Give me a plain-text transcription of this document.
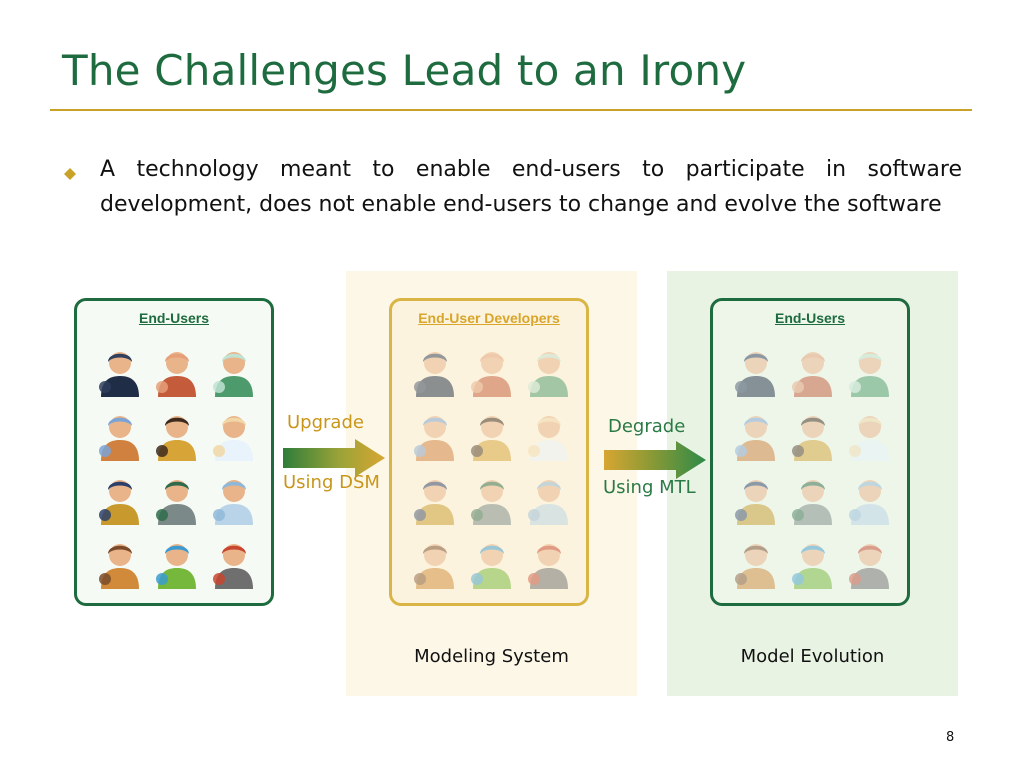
The Challenges Lead to an Irony
A technology meant to enable end-users to participate in software development, does not enable end-users to change and evolve the software
Modeling System	Model Evolution
End-Users	End-User Developers	End-Users
Upgrade
Using DSM
Degrade
Using MTL
8
